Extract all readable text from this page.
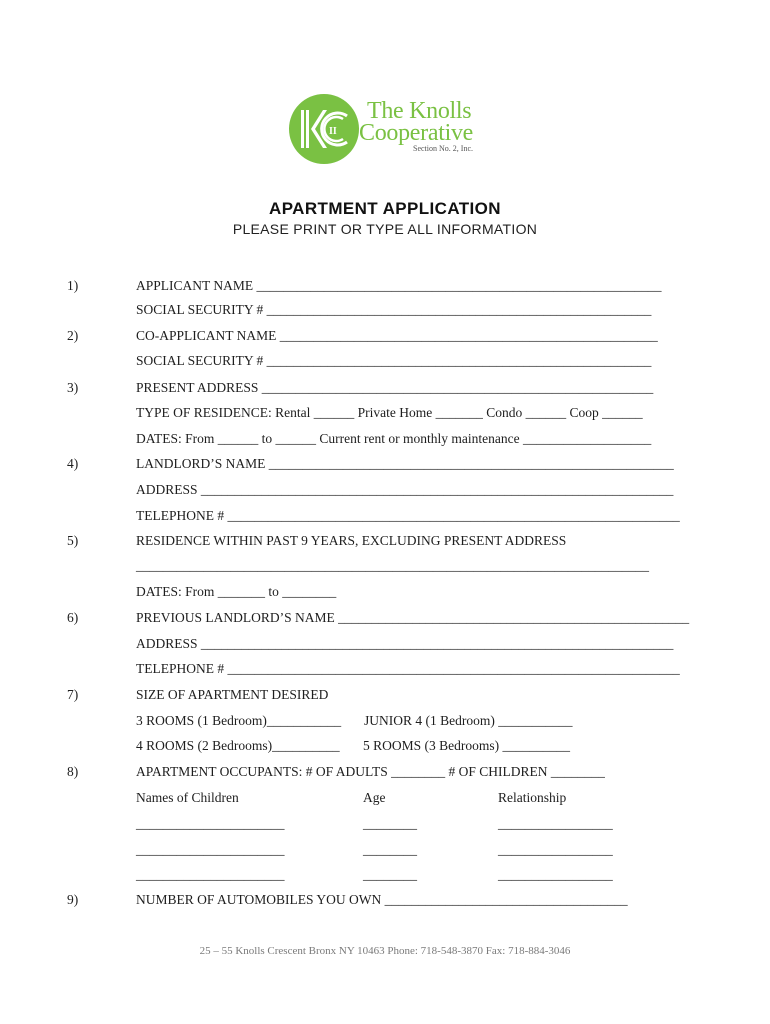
II
The Knolls
Cooperative
Section No. 2, Inc.
APARTMENT APPLICATION
PLEASE PRINT OR TYPE ALL INFORMATION
1)	APPLICANT NAME ____________________________________________________________
SOCIAL SECURITY # _________________________________________________________
2)	CO-APPLICANT NAME ________________________________________________________
SOCIAL SECURITY # _________________________________________________________
3)	PRESENT ADDRESS __________________________________________________________
TYPE OF RESIDENCE: Rental ______ Private Home _______ Condo ______ Coop ______
DATES: From ______ to ______ Current rent or monthly maintenance ___________________
4)	LANDLORD’S NAME ____________________________________________________________
ADDRESS ______________________________________________________________________
TELEPHONE # ___________________________________________________________________
5)	RESIDENCE WITHIN PAST 9 YEARS, EXCLUDING PRESENT ADDRESS
____________________________________________________________________________
DATES: From _______ to ________
6)	PREVIOUS LANDLORD’S NAME ____________________________________________________
ADDRESS ______________________________________________________________________
TELEPHONE # ___________________________________________________________________
7)	SIZE OF APARTMENT DESIRED
3 ROOMS (1 Bedroom)___________ JUNIOR 4 (1 Bedroom) ___________
4 ROOMS (2 Bedrooms)__________ 5 ROOMS (3 Bedrooms) __________
8)	APARTMENT OCCUPANTS: # OF ADULTS ________ # OF CHILDREN ________
Names of Children	Age	Relationship
______________________	________	_________________
______________________	________	_________________
______________________	________	_________________
9)	NUMBER OF AUTOMOBILES YOU OWN ____________________________________
25 – 55 Knolls Crescent Bronx NY 10463 Phone: 718-548-3870 Fax: 718-884-3046
